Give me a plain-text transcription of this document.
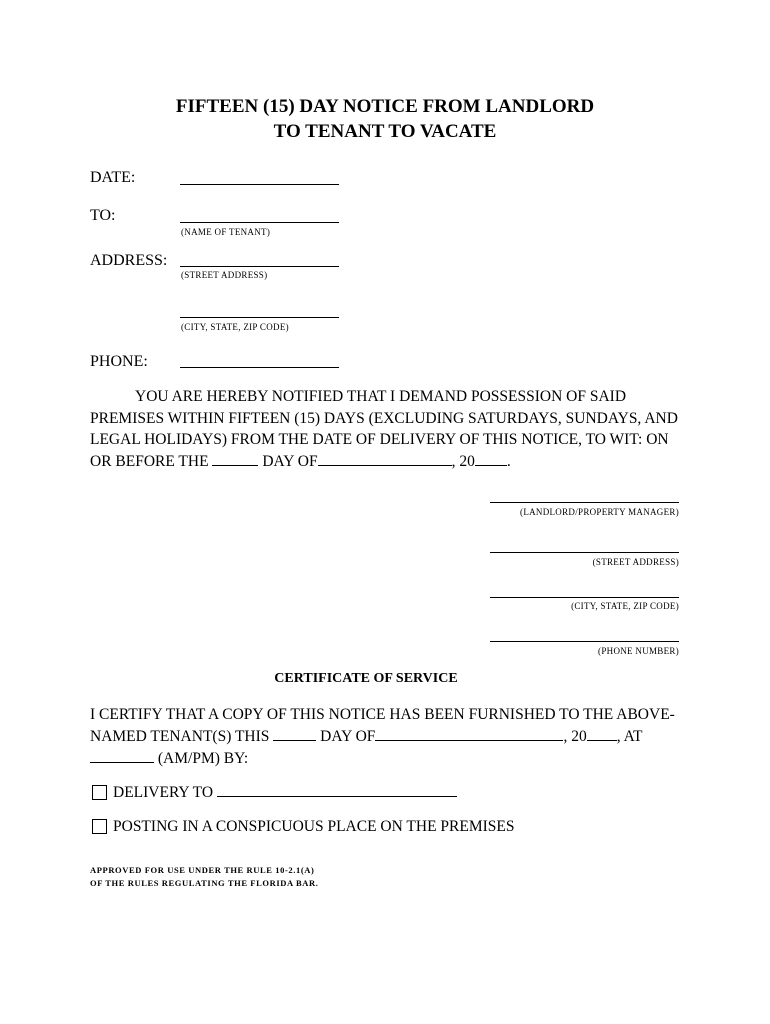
FIFTEEN (15) DAY NOTICE FROM LANDLORD
TO TENANT TO VACATE
DATE:
TO:
(NAME OF TENANT)
ADDRESS:
(STREET ADDRESS)
(CITY, STATE, ZIP CODE)
PHONE:
YOU ARE HEREBY NOTIFIED THAT I DEMAND POSSESSION OF SAID
PREMISES WITHIN FIFTEEN (15) DAYS (EXCLUDING SATURDAYS, SUNDAYS, AND
LEGAL HOLIDAYS) FROM THE DATE OF DELIVERY OF THIS NOTICE, TO WIT: ON
OR BEFORE THE	DAY OF	, 20 .
(LANDLORD/PROPERTY MANAGER)
(STREET ADDRESS)
(CITY, STATE, ZIP CODE)
(PHONE NUMBER)
CERTIFICATE OF SERVICE
I CERTIFY THAT A COPY OF THIS NOTICE HAS BEEN FURNISHED TO THE ABOVE-
NAMED TENANT(S) THIS	DAY OF	, 20 , AT
(AM/PM) BY:
DELIVERY TO
POSTING IN A CONSPICUOUS PLACE ON THE PREMISES
APPROVED FOR USE UNDER THE RULE 10-2.1(A)
OF THE RULES REGULATING THE FLORIDA BAR.
